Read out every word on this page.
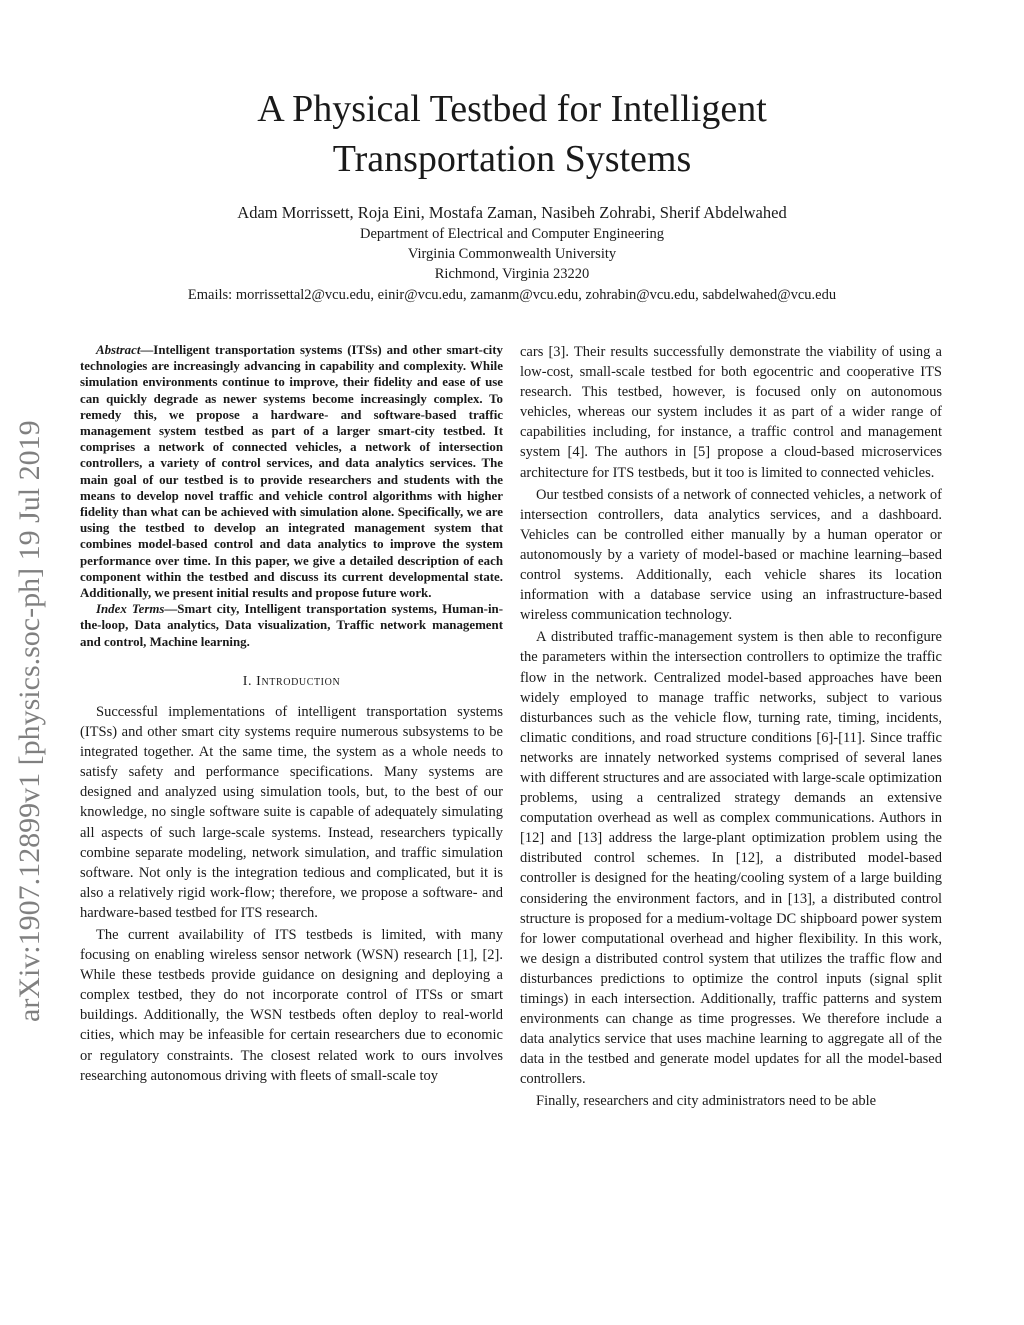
arXiv:1907.12899v1 [physics.soc-ph] 19 Jul 2019
A Physical Testbed for Intelligent
Transportation Systems
Adam Morrissett, Roja Eini, Mostafa Zaman, Nasibeh Zohrabi, Sherif Abdelwahed
Department of Electrical and Computer Engineering
Virginia Commonwealth University
Richmond, Virginia 23220
Emails: morrissettal2@vcu.edu, einir@vcu.edu, zamanm@vcu.edu, zohrabin@vcu.edu, sabdelwahed@vcu.edu

Abstract—Intelligent transportation systems (ITSs) and other smart-city technologies are increasingly advancing in capability and complexity. While simulation environments continue to improve, their fidelity and ease of use can quickly degrade as newer systems become increasingly complex. To remedy this, we propose a hardware- and software-based traffic management system testbed as part of a larger smart-city testbed. It comprises a network of connected vehicles, a network of intersection controllers, a variety of control services, and data analytics services. The main goal of our testbed is to provide researchers and students with the means to develop novel traffic and vehicle control algorithms with higher fidelity than what can be achieved with simulation alone. Specifically, we are using the testbed to develop an integrated management system that combines model-based control and data analytics to improve the system performance over time. In this paper, we give a detailed description of each component within the testbed and discuss its current developmental state. Additionally, we present initial results and propose future work.

Index Terms—Smart city, Intelligent transportation systems, Human-in-the-loop, Data analytics, Data visualization, Traffic network management and control, Machine learning.

I. Introduction

Successful implementations of intelligent transportation systems (ITSs) and other smart city systems require numerous subsystems to be integrated together. At the same time, the system as a whole needs to satisfy safety and performance specifications. Many systems are designed and analyzed using simulation tools, but, to the best of our knowledge, no single software suite is capable of adequately simulating all aspects of such large-scale systems. Instead, researchers typically combine separate modeling, network simulation, and traffic simulation software. Not only is the integration tedious and complicated, but it is also a relatively rigid work-flow; therefore, we propose a software- and hardware-based testbed for ITS research.

The current availability of ITS testbeds is limited, with many focusing on enabling wireless sensor network (WSN) research [1], [2]. While these testbeds provide guidance on designing and deploying a complex testbed, they do not incorporate control of ITSs or smart buildings. Additionally, the WSN testbeds often deploy to real-world cities, which may be infeasible for certain researchers due to economic or regulatory constraints. The closest related work to ours involves researching autonomous driving with fleets of small-scale toy

cars [3]. Their results successfully demonstrate the viability of using a low-cost, small-scale testbed for both egocentric and cooperative ITS research. This testbed, however, is focused only on autonomous vehicles, whereas our system includes it as part of a wider range of capabilities including, for instance, a traffic control and management system [4]. The authors in [5] propose a cloud-based microservices architecture for ITS testbeds, but it too is limited to connected vehicles.

Our testbed consists of a network of connected vehicles, a network of intersection controllers, data analytics services, and a dashboard. Vehicles can be controlled either manually by a human operator or autonomously by a variety of model-based or machine learning–based control systems. Additionally, each vehicle shares its location information with a database service using an infrastructure-based wireless communication technology.

A distributed traffic-management system is then able to reconfigure the parameters within the intersection controllers to optimize the traffic flow in the network. Centralized model-based approaches have been widely employed to manage traffic networks, subject to various disturbances such as the vehicle flow, turning rate, timing, incidents, climatic conditions, and road structure conditions [6]-[11]. Since traffic networks are innately networked systems comprised of several lanes with different structures and are associated with large-scale optimization problems, using a centralized strategy demands an extensive computation overhead as well as complex communications. Authors in [12] and [13] address the large-plant optimization problem using the distributed control schemes. In [12], a distributed model-based controller is designed for the heating/cooling system of a large building considering the environment factors, and in [13], a distributed control structure is proposed for a medium-voltage DC shipboard power system for lower computational overhead and higher flexibility. In this work, we design a distributed control system that utilizes the traffic flow and disturbances predictions to optimize the control inputs (signal split timings) in each intersection. Additionally, traffic patterns and system environments can change as time progresses. We therefore include a data analytics service that uses machine learning to aggregate all of the data in the testbed and generate model updates for all the model-based controllers.

Finally, researchers and city administrators need to be able
